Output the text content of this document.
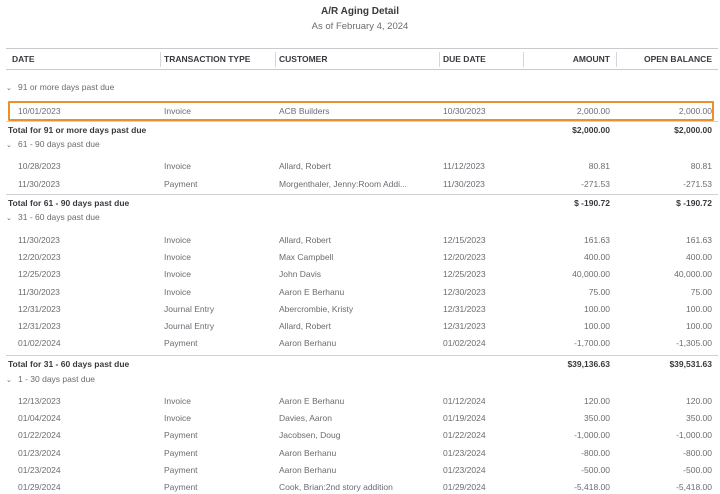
A/R Aging Detail
As of February 4, 2024
DATE	TRANSACTION TYPE	CUSTOMER	DUE DATE	AMOUNT	OPEN BALANCE
⌄ 91 or more days past due
10/01/2023	Invoice	ACB Builders	10/30/2023	2,000.00	2,000.00
Total for 91 or more days past due	$2,000.00	$2,000.00
⌄ 61 - 90 days past due
10/28/2023	Invoice	Allard, Robert	11/12/2023	80.81	80.81
11/30/2023	Payment	Morgenthaler, Jenny:Room Addi...	11/30/2023	-271.53	-271.53
Total for 61 - 90 days past due	$ -190.72	$ -190.72
⌄ 31 - 60 days past due
11/30/2023	Invoice	Allard, Robert	12/15/2023	161.63	161.63
12/20/2023	Invoice	Max Campbell	12/20/2023	400.00	400.00
12/25/2023	Invoice	John Davis	12/25/2023	40,000.00	40,000.00
11/30/2023	Invoice	Aaron E Berhanu	12/30/2023	75.00	75.00
12/31/2023	Journal Entry	Abercrombie, Kristy	12/31/2023	100.00	100.00
12/31/2023	Journal Entry	Allard, Robert	12/31/2023	100.00	100.00
01/02/2024	Payment	Aaron Berhanu	01/02/2024	-1,700.00	-1,305.00
Total for 31 - 60 days past due	$39,136.63	$39,531.63
⌄ 1 - 30 days past due
12/13/2023	Invoice	Aaron E Berhanu	01/12/2024	120.00	120.00
01/04/2024	Invoice	Davies, Aaron	01/19/2024	350.00	350.00
01/22/2024	Payment	Jacobsen, Doug	01/22/2024	-1,000.00	-1,000.00
01/23/2024	Payment	Aaron Berhanu	01/23/2024	-800.00	-800.00
01/23/2024	Payment	Aaron Berhanu	01/23/2024	-500.00	-500.00
01/29/2024	Payment	Cook, Brian:2nd story addition	01/29/2024	-5,418.00	-5,418.00
